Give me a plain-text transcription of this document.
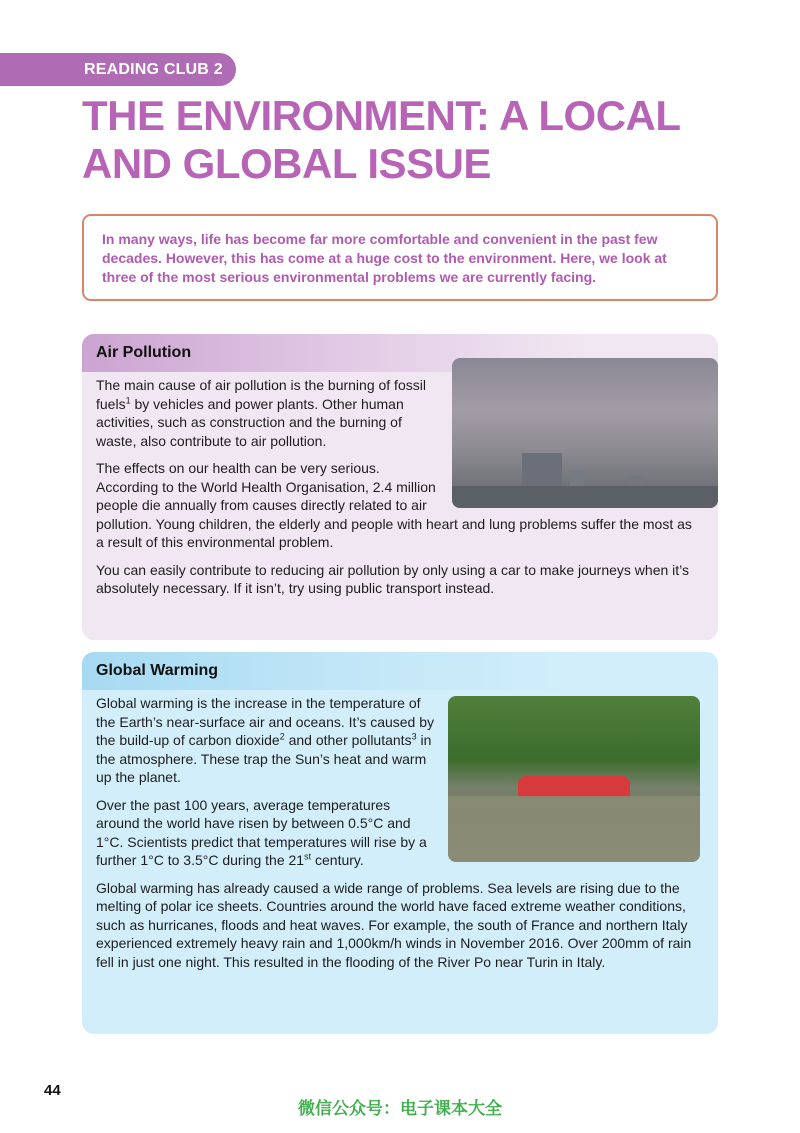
READING CLUB 2
THE ENVIRONMENT: A LOCAL AND GLOBAL ISSUE
In many ways, life has become far more comfortable and convenient in the past few decades. However, this has come at a huge cost to the environment. Here, we look at three of the most serious environmental problems we are currently facing.
Air Pollution

The main cause of air pollution is the burning of fossil fuels$^1$ by vehicles and power plants. Other human activities, such as construction and the burning of waste, also contribute to air pollution.

The effects on our health can be very serious. According to the World Health Organisation, 2.4 million people die annually from causes directly related to air pollution. Young children, the elderly and people with heart and lung problems suffer the most as a result of this environmental problem.

You can easily contribute to reducing air pollution by only using a car to make journeys when it’s absolutely necessary. If it isn’t, try using public transport instead.

Global Warming

Global warming is the increase in the temperature of the Earth’s near-surface air and oceans. It’s caused by the build-up of carbon dioxide$^2$ and other pollutants$^3$ in the atmosphere. These trap the Sun’s heat and warm up the planet.

Over the past 100 years, average temperatures around the world have risen by between 0.5°C and 1°C. Scientists predict that temperatures will rise by a further 1°C to 3.5°C during the 21st century.

Global warming has already caused a wide range of problems. Sea levels are rising due to the melting of polar ice sheets. Countries around the world have faced extreme weather conditions, such as hurricanes, floods and heat waves. For example, the south of France and northern Italy experienced extremely heavy rain and 1,000km/h winds in November 2016. Over 200mm of rain fell in just one night. This resulted in the flooding of the River Po near Turin in Italy.

44
微信公众号：电子课本大全
